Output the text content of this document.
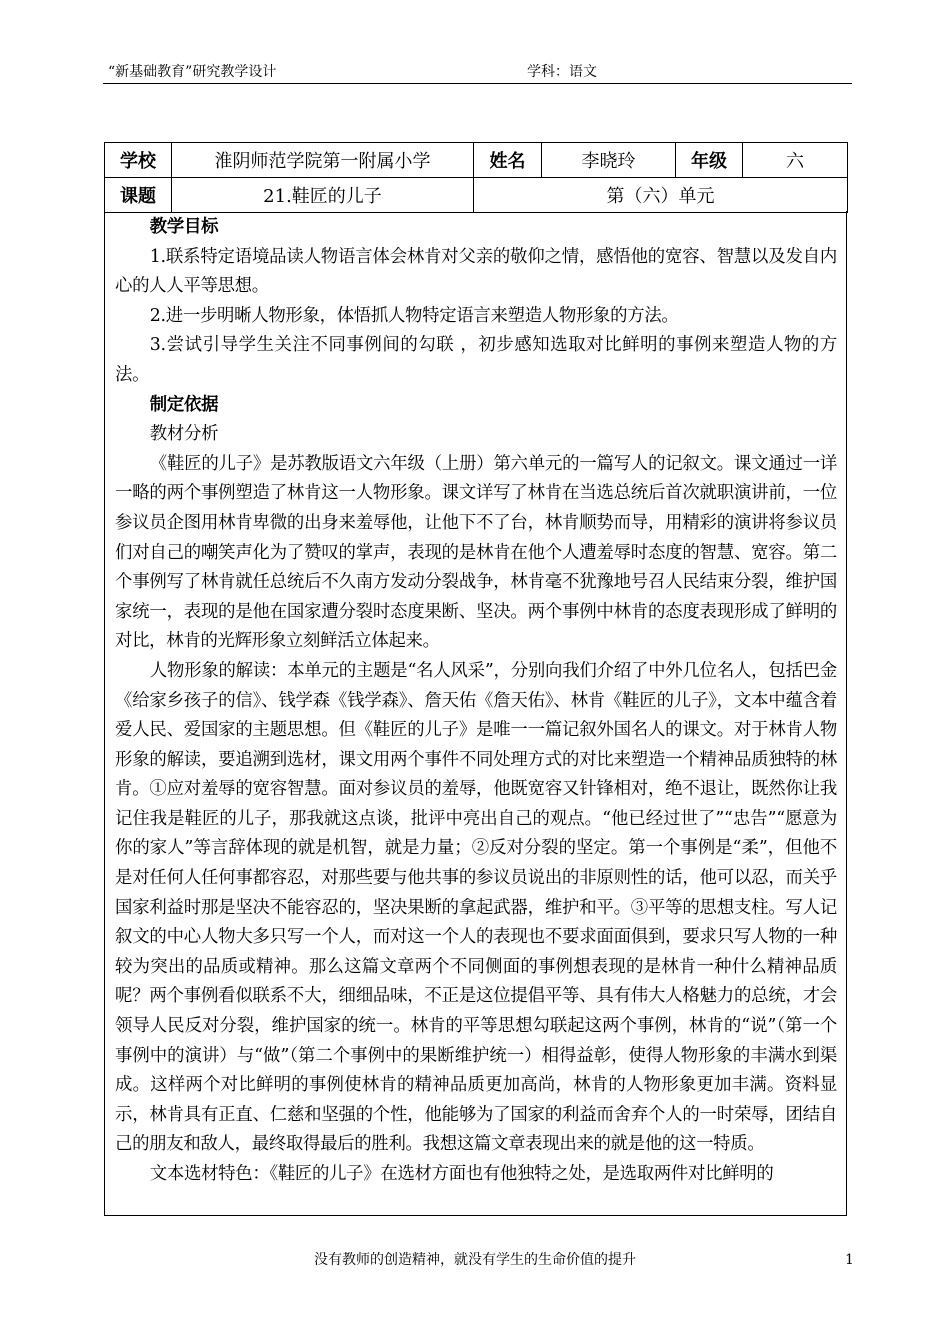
“新基础教育”研究教学设计	学科：语文
学校	淮阴师范学院第一附属小学	姓名	李晓玲	年级	六
课题	21.鞋匠的儿子	第（六）单元			

教学目标

1.联系特定语境品读人物语言体会林肯对父亲的敬仰之情，感悟他的宽容、智慧以及发自内心的人人平等思想。

2.进一步明晰人物形象，体悟抓人物特定语言来塑造人物形象的方法。

3.尝试引导学生关注不同事例间的勾联 ，初步感知选取对比鲜明的事例来塑造人物的方法。

制定依据

教材分析

《鞋匠的儿子》是苏教版语文六年级（上册）第六单元的一篇写人的记叙文。课文通过一详一略的两个事例塑造了林肯这一人物形象。课文详写了林肯在当选总统后首次就职演讲前，一位参议员企图用林肯卑微的出身来羞辱他，让他下不了台，林肯顺势而导，用精彩的演讲将参议员们对自己的嘲笑声化为了赞叹的掌声，表现的是林肯在他个人遭羞辱时态度的智慧、宽容。第二个事例写了林肯就任总统后不久南方发动分裂战争，林肯毫不犹豫地号召人民结束分裂，维护国家统一，表现的是他在国家遭分裂时态度果断、坚决。两个事例中林肯的态度表现形成了鲜明的对比，林肯的光辉形象立刻鲜活立体起来。

人物形象的解读：本单元的主题是“名人风采”，分别向我们介绍了中外几位名人，包括巴金《给家乡孩子的信》、钱学森《钱学森》、詹天佑《詹天佑》、林肯《鞋匠的儿子》，文本中蕴含着爱人民、爱国家的主题思想。但《鞋匠的儿子》是唯一一篇记叙外国名人的课文。对于林肯人物形象的解读，要追溯到选材，课文用两个事件不同处理方式的对比来塑造一个精神品质独特的林肯。①应对羞辱的宽容智慧。面对参议员的羞辱，他既宽容又针锋相对，绝不退让，既然你让我记住我是鞋匠的儿子，那我就这点谈，批评中亮出自己的观点。“他已经过世了”“忠告”“愿意为你的家人”等言辞体现的就是机智，就是力量；②反对分裂的坚定。第一个事例是“柔”，但他不是对任何人任何事都容忍，对那些要与他共事的参议员说出的非原则性的话，他可以忍，而关乎国家利益时那是坚决不能容忍的，坚决果断的拿起武器，维护和平。③平等的思想支柱。写人记叙文的中心人物大多只写一个人，而对这一个人的表现也不要求面面俱到，要求只写人物的一种较为突出的品质或精神。那么这篇文章两个不同侧面的事例想表现的是林肯一种什么精神品质呢？两个事例看似联系不大，细细品味，不正是这位提倡平等、具有伟大人格魅力的总统，才会领导人民反对分裂，维护国家的统一。林肯的平等思想勾联起这两个事例，林肯的“说”（第一个事例中的演讲）与“做”（第二个事例中的果断维护统一）相得益彰，使得人物形象的丰满水到渠成。这样两个对比鲜明的事例使林肯的精神品质更加高尚，林肯的人物形象更加丰满。资料显示，林肯具有正直、仁慈和坚强的个性，他能够为了国家的利益而舍弃个人的一时荣辱，团结自己的朋友和敌人，最终取得最后的胜利。我想这篇文章表现出来的就是他的这一特质。

文本选材特色：《鞋匠的儿子》在选材方面也有他独特之处，是选取两件对比鲜明的

没有教师的创造精神，就没有学生的生命价值的提升	1
